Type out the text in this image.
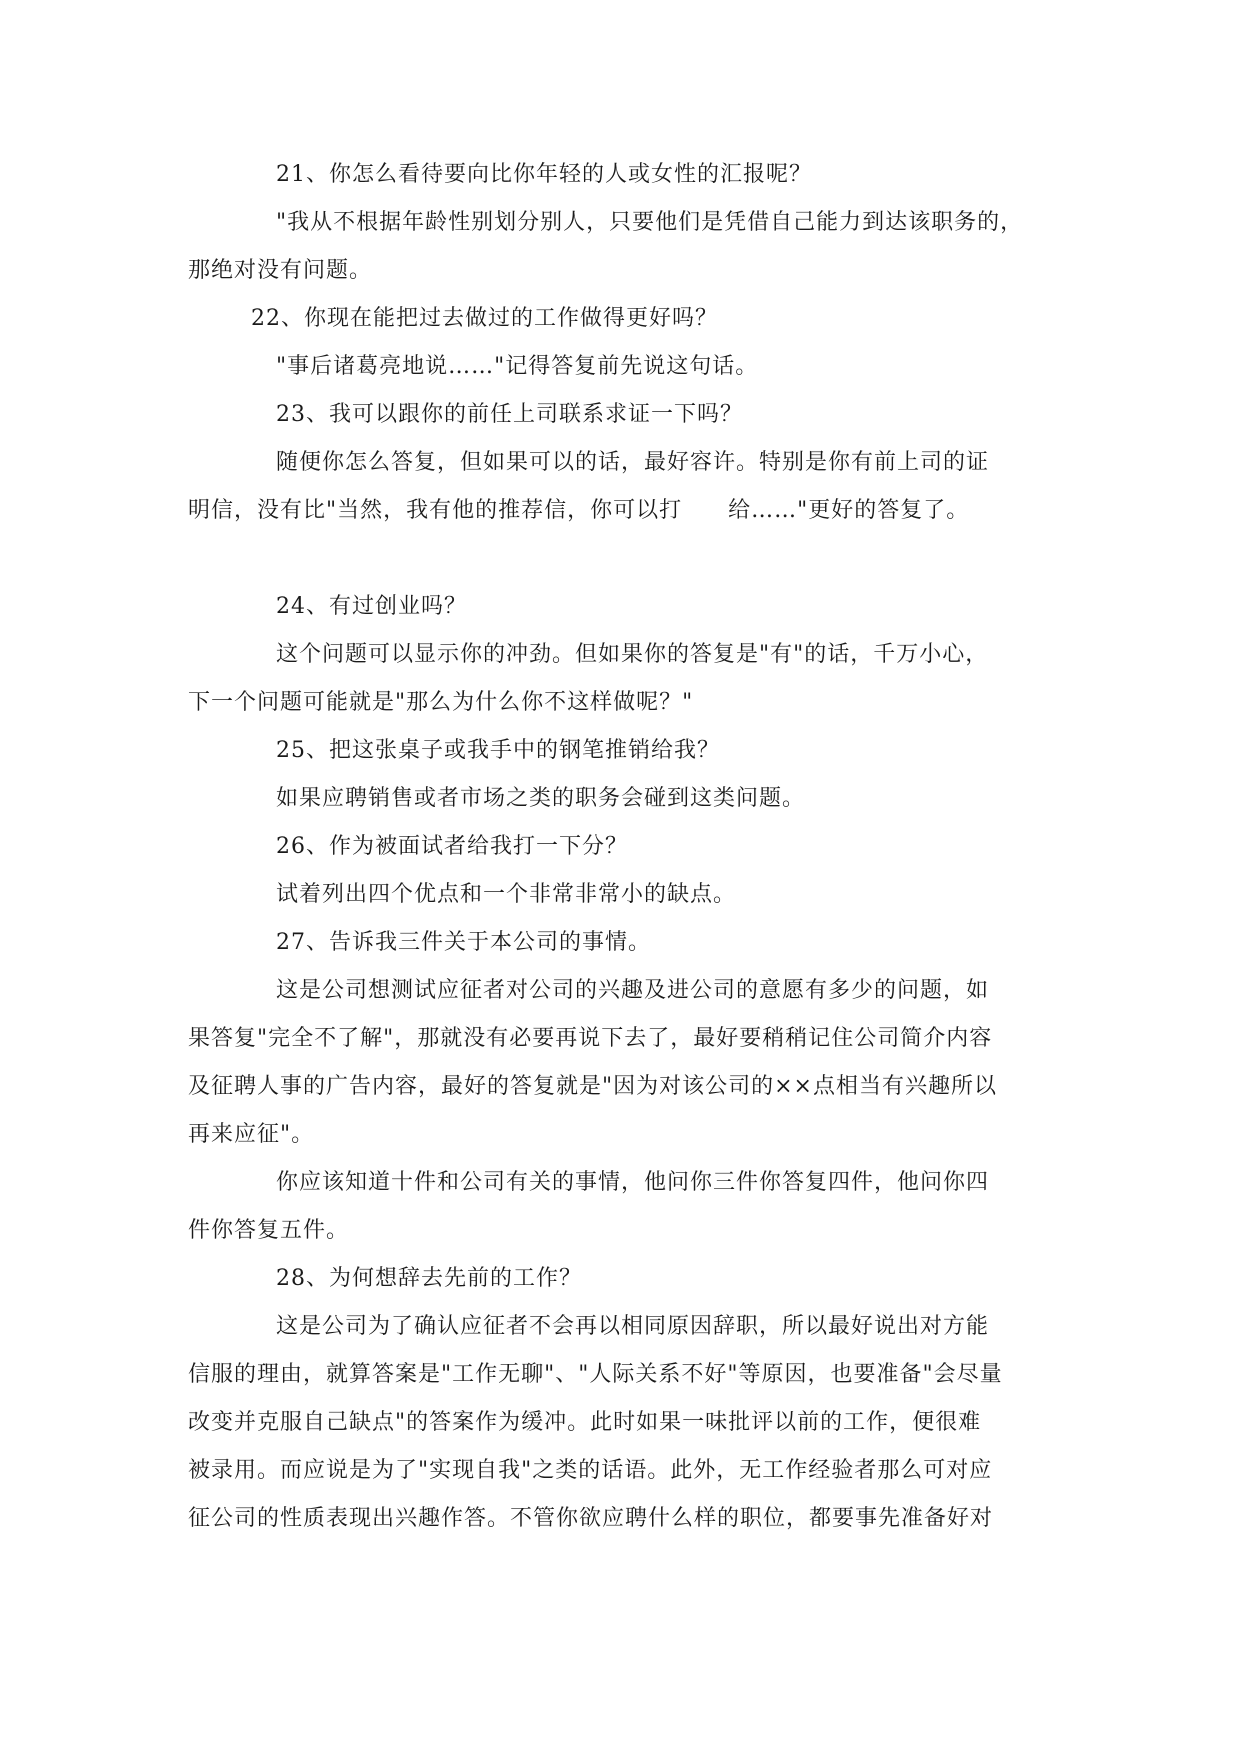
21、你怎么看待要向比你年轻的人或女性的汇报呢？
"我从不根据年龄性别划分别人，只要他们是凭借自己能力到达该职务的，
那绝对没有问题。
22、你现在能把过去做过的工作做得更好吗？
"事后诸葛亮地说……"记得答复前先说这句话。
23、我可以跟你的前任上司联系求证一下吗？
随便你怎么答复，但如果可以的话，最好容许。特别是你有前上司的证
明信，没有比"当然，我有他的推荐信，你可以打　　给……"更好的答复了。
24、有过创业吗？
这个问题可以显示你的冲劲。但如果你的答复是"有"的话，千万小心，
下一个问题可能就是"那么为什么你不这样做呢？"
25、把这张桌子或我手中的钢笔推销给我？
如果应聘销售或者市场之类的职务会碰到这类问题。
26、作为被面试者给我打一下分？
试着列出四个优点和一个非常非常小的缺点。
27、告诉我三件关于本公司的事情。
这是公司想测试应征者对公司的兴趣及进公司的意愿有多少的问题，如
果答复"完全不了解"，那就没有必要再说下去了，最好要稍稍记住公司简介内容
及征聘人事的广告内容，最好的答复就是"因为对该公司的××点相当有兴趣所以
再来应征"。
你应该知道十件和公司有关的事情，他问你三件你答复四件，他问你四
件你答复五件。
28、为何想辞去先前的工作？
这是公司为了确认应征者不会再以相同原因辞职，所以最好说出对方能
信服的理由，就算答案是"工作无聊"、"人际关系不好"等原因，也要准备"会尽量
改变并克服自己缺点"的答案作为缓冲。此时如果一味批评以前的工作，便很难
被录用。而应说是为了"实现自我"之类的话语。此外，无工作经验者那么可对应
征公司的性质表现出兴趣作答。不管你欲应聘什么样的职位，都要事先准备好对
